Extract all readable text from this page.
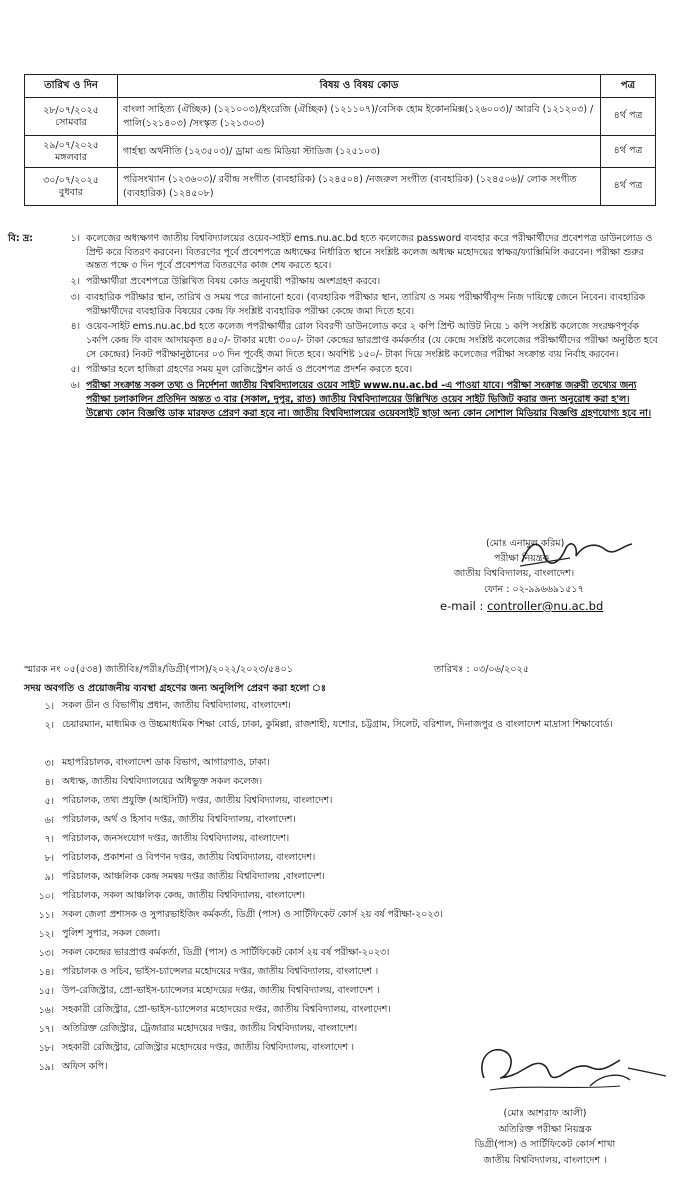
তারিখ ও দিন	বিষয় ও বিষয় কোড	পত্র

২৮/০৭/২০২৫
সোমবার	বাংলা সাহিত্য (ঐচ্ছিক) (১২১০০৩)/ইংরেজি (ঐচ্ছিক) (১২১১০৭)/বেসিক হোম ইকোনমিক্স(১২৬০০৩)/ আরবি (১২১২০৩) /পালি(১২১৪০৩) /সংস্কৃত (১২১৩০৩)	৪র্থ পত্র

২৯/০৭/২০২৫
মঙ্গলবার	গার্হস্থ্য অর্থনীতি (১২৩৫০৩)/ ড্রামা এন্ড মিডিয়া স্টাডিজ (১২৫১০৩)	৪র্থ পত্র

৩০/০৭/২০২৫
বুধবার	পরিসংখ্যান (১২৩৬০৩)/ রবীন্দ্র সংগীত (ব্যবহারিক) (১২৪৫০৪) /নজরুল সংগীত (ব্যবহারিক) (১২৪৫০৬)/ লোক সংগীত (ব্যবহারিক) (১২৪৫০৮)	৪র্থ পত্র
বি: দ্র:	১। কলেজের অধ্যক্ষগণ জাতীয় বিশ্ববিদ্যালয়ের ওয়েব-সাইট ems.nu.ac.bd হতে কলেজের password ব্যবহার করে পরীক্ষার্থীদের প্রবেশপত্র ডাউনলোড ও প্রিন্ট করে বিতরণ করবেন। বিতরণের পূর্বে প্রবেশপত্রে অধ্যক্ষের নির্ধারিত স্থানে সংশ্লিষ্ট কলেজ অধ্যক্ষ মহোদয়ের স্বাক্ষর/ফ্যাক্সিমিলি করবেন। পরীক্ষা শুরুর অন্তত পক্ষে ৩ দিন পূর্বে প্রবেশপত্র বিতরণের কাজ শেষ করতে হবে।
২। পরীক্ষার্থীরা প্রবেশপত্রে উল্লিখিত বিষয় কোড অনুযায়ী পরীক্ষায় অংশগ্রহণ করবে।
৩। ব্যবহারিক পরীক্ষার স্থান, তারিখ ও সময় পরে জানানো হবে। (ব্যবহারিক পরীক্ষার স্থান, তারিখ ও সময় পরীক্ষার্থীবৃন্দ নিজ দায়িত্বে জেনে নিবেন। ব্যবহারিক পরীক্ষার্থীদের ব্যবহারিক বিষয়ের কেন্দ্র ফি সংশ্লিষ্ট ব্যবহারিক পরীক্ষা কেন্দ্রে জমা দিতে হবে।
৪। ওয়েব-সাইট ems.nu.ac.bd হতে কলেজ পপরীক্ষার্থীর রোল বিবরণী ডাউনলোড করে ২ কপি প্রিন্ট আউট নিয়ে ১ কপি সংশ্লিষ্ট কলেজে সংরক্ষণপূর্বক ১কপি কেন্দ্র ফি বাবদ আদায়কৃত ৪৫০/- টাকার মধ্যে ৩০০/- টাকা কেন্দ্রের ভারপ্রাপ্ত কর্মকর্তার (যে কেন্দ্রে সংশ্লিষ্ট কলেজের পরীক্ষার্থীদের পরীক্ষা অনুষ্ঠিত হবে সে কেন্দ্রের) নিকট পরীক্ষানুষ্ঠানের ০৩ দিন পূর্বেই জমা দিতে হবে। অবশিষ্ট ১৫০/- টাকা দিয়ে সংশ্লিষ্ট কলেজের পরীক্ষা সংক্রান্ত ব্যয় নির্বাহ করবেন।
৫। পরীক্ষার হলে হাজিরা গ্রহণের সময় মূল রেজিস্ট্রেশন কার্ড ও প্রবেশপত্র প্রদর্শন করতে হবে।
৬। পরীক্ষা সংক্রান্ত সকল তথ্য ও নির্দেশনা জাতীয় বিশ্ববিদ্যালয়ের ওয়েব সাইট www.nu.ac.bd -এ পাওয়া যাবে। পরীক্ষা সংক্রান্ত জরুরী তথ্যের জন্য পরীক্ষা চলাকালিন প্রতিদিন অন্তত ৩ বার (সকাল, দুপুর, রাত) জাতীয় বিশ্ববিদ্যালয়ের উল্লিখিত ওয়েব সাইট ভিজিট করার জন্য অনুরোধ করা হ'ল। উল্লেখ্য কোন বিজ্ঞপ্তি ডাক মারফত প্রেরণ করা হবে না। জাতীয় বিশ্ববিদ্যালয়ের ওয়েবসাইট ছাড়া অন্য কোন সোশাল মিডিয়ার বিজ্ঞপ্তি গ্রহণযোগ্য হবে না।
(মোঃ এনামুল করিম)
পরীক্ষা নিয়ন্ত্রক
জাতীয় বিশ্ববিদ্যালয়, বাংলাদেশ।
ফোন : ০২-৯৯৬৬৯১৫১৭
e-mail : controller@nu.ac.bd
স্মারক নং ০৫(৫৩৪) জাতীবিঃ/পরীঃ/ডিগ্রী(পাস)/২০২২/২০২৩/৫৪০১	তারিখঃ : ০৩/০৬/২০২৫
সদয় অবগতি ও প্রয়োজনীয় ব্যবস্থা গ্রহণের জন্য অনুলিপি প্রেরণ করা হলো ঃ
১। সকল ডীন ও বিভাগীয় প্রধান, জাতীয় বিশ্ববিদ্যালয়, বাংলাদেশ।
২। চেয়ারম্যান, মাধ্যমিক ও উচ্চমাধ্যমিক শিক্ষা বোর্ড, ঢাকা, কুমিল্লা, রাজশাহী, যশোর, চট্টগ্রাম, সিলেট, বরিশাল, দিনাজপুর ও বাংলাদেশ মাদ্রাসা শিক্ষাবোর্ড।
৩। মহাপরিচালক, বাংলাদেশ ডাক বিভাগ, আগারগাও, ঢাকা।
৪। অধ্যক্ষ, জাতীয় বিশ্ববিদ্যালয়ের অধিভুক্ত সকল কলেজ।
৫। পরিচালক, তথ্য প্রযুক্তি (আইসিটি) দপ্তর, জাতীয় বিশ্ববিদ্যালয়, বাংলাদেশ।
৬। পরিচালক, অর্থ ও হিসাব দপ্তর, জাতীয় বিশ্ববিদ্যালয়, বাংলাদেশ।
৭। পরিচালক, জনসংযোগ দপ্তর, জাতীয় বিশ্ববিদ্যালয়, বাংলাদেশ।
৮। পরিচালক, প্রকাশনা ও বিপণন দপ্তর, জাতীয় বিশ্ববিদ্যালয়, বাংলাদেশ।
৯। পরিচালক, আঞ্চলিক কেন্দ্র সমন্বয় দপ্তর জাতীয় বিশ্ববিদ্যালয় ,বাংলাদেশ।
১০। পরিচালক, সকল আঞ্চলিক কেন্দ্র, জাতীয় বিশ্ববিদ্যালয়, বাংলাদেশ।
১১। সকল জেলা প্রশাসক ও সুপারভাইজিং কর্মকর্তা, ডিগ্রী (পাস) ও সার্টিফিকেট কোর্স ২য় বর্ষ পরীক্ষা-২০২৩।
১২। পুলিশ সুপার, সকল জেলা।
১৩। সকল কেন্দ্রের ভারপ্রাপ্ত কর্মকর্তা, ডিগ্রী (পাস) ও সার্টিফিকেট কোর্স ২য় বর্ষ পরীক্ষা-২০২৩।
১৪। পরিচালক ও সচিব, ভাইস-চ্যান্সেলর মহোদয়ের দপ্তর, জাতীয় বিশ্ববিদ্যালয়, বাংলাদেশ ।
১৫। উপ-রেজিস্ট্রার, প্রো-ভাইস-চ্যান্সেলর মহোদয়ের দপ্তর, জাতীয় বিশ্ববিদ্যালয়, বাংলাদেশ ।
১৬। সহকারী রেজিস্ট্রার, প্রো-ভাইস-চ্যান্সেলর মহোদয়ের দপ্তর, জাতীয় বিশ্ববিদ্যালয়, বাংলাদেশ।
১৭। অতিরিক্ত রেজিস্ট্রার, ট্রেজারার মহোদয়ের দপ্তর, জাতীয় বিশ্ববিদ্যালয়, বাংলাদেশ।
১৮। সহকারী রেজিস্ট্রার, রেজিস্ট্রার মহোদয়ের দপ্তর, জাতীয় বিশ্ববিদ্যালয়, বাংলাদেশ ।
১৯। অফিস কপি।
(মোঃ আশরাফ আলী)
অতিরিক্ত পরীক্ষা নিয়ন্ত্রক
ডিগ্রী(পাস) ও সার্টিফিকেট কোর্স শাখা
জাতীয় বিশ্ববিদ্যালয়, বাংলাদেশ ।
